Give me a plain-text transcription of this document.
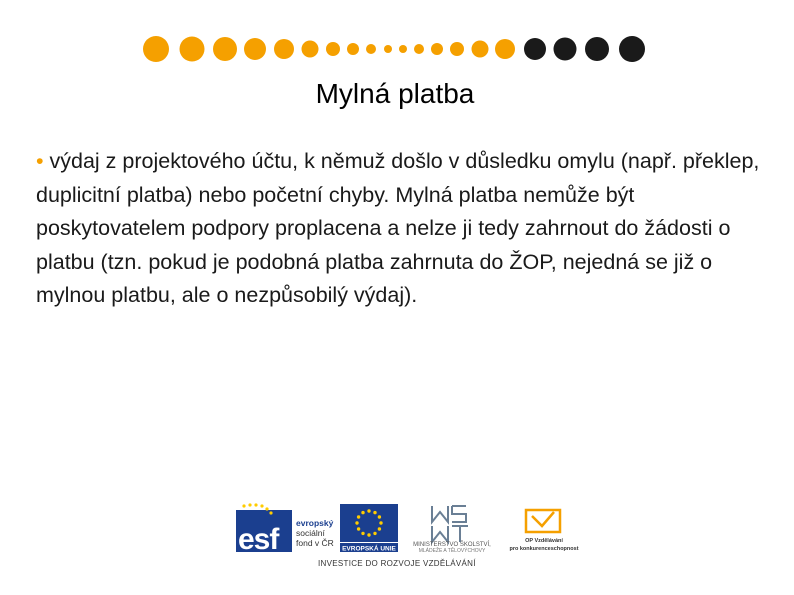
Mylná platba

• výdaj z projektového účtu, k němuž došlo v důsledku omylu (např. překlep, duplicitní platba) nebo početní chyby. Mylná platba nemůže být poskytovatelem podpory proplacena a nelze ji tedy zahrnout do žádosti o platbu (tzn. pokud je podobná platba zahrnuta do ŽOP, nejedná se již o mylnou platbu, ale o nezpůsobilý výdaj).

esf evropský
sociální
fond v ČR
EVROPSKÁ UNIE
MINISTERSTVO ŠKOLSTVÍ,
MLÁDEŽE A TĚLOVÝCHOVY
OP Vzdělávání
pro konkurenceschopnost
INVESTICE DO ROZVOJE VZDĚLÁVÁNÍ
